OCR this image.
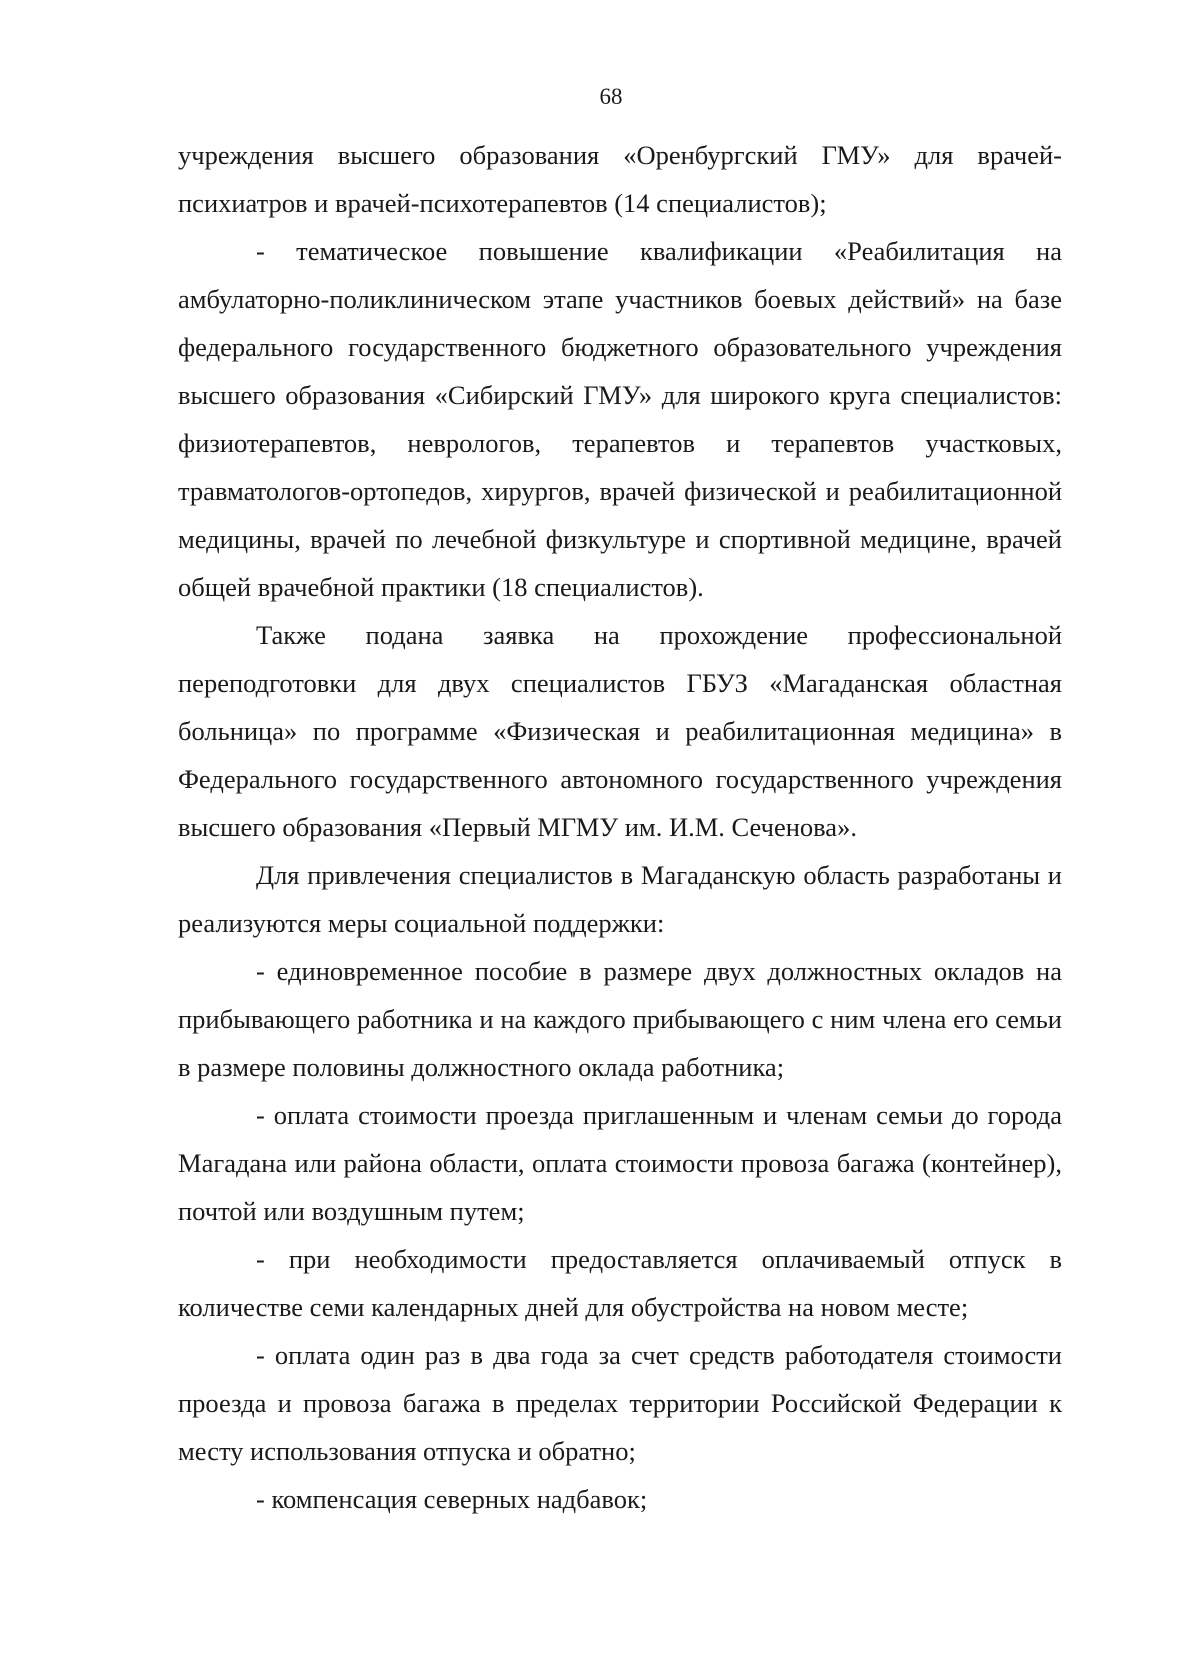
68

учреждения высшего образования «Оренбургский ГМУ» для врачей-психиатров и врачей-психотерапевтов (14 специалистов);

- тематическое повышение квалификации «Реабилитация на амбулаторно-поликлиническом этапе участников боевых действий» на базе федерального государственного бюджетного образовательного учреждения высшего образования «Сибирский ГМУ» для широкого круга специалистов: физиотерапевтов, неврологов, терапевтов и терапевтов участковых, травматологов-ортопедов, хирургов, врачей физической и реабилитационной медицины, врачей по лечебной физкультуре и спортивной медицине, врачей общей врачебной практики (18 специалистов).

Также подана заявка на прохождение профессиональной переподготовки для двух специалистов ГБУЗ «Магаданская областная больница» по программе «Физическая и реабилитационная медицина» в Федерального государственного автономного государственного учреждения высшего образования «Первый МГМУ им. И.М. Сеченова».

Для привлечения специалистов в Магаданскую область разработаны и реализуются меры социальной поддержки:

- единовременное пособие в размере двух должностных окладов на прибывающего работника и на каждого прибывающего с ним члена его семьи в размере половины должностного оклада работника;

- оплата стоимости проезда приглашенным и членам семьи до города Магадана или района области, оплата стоимости провоза багажа (контейнер), почтой или воздушным путем;

- при необходимости предоставляется оплачиваемый отпуск в количестве семи календарных дней для обустройства на новом месте;

- оплата один раз в два года за счет средств работодателя стоимости проезда и провоза багажа в пределах территории Российской Федерации к месту использования отпуска и обратно;

- компенсация северных надбавок;
